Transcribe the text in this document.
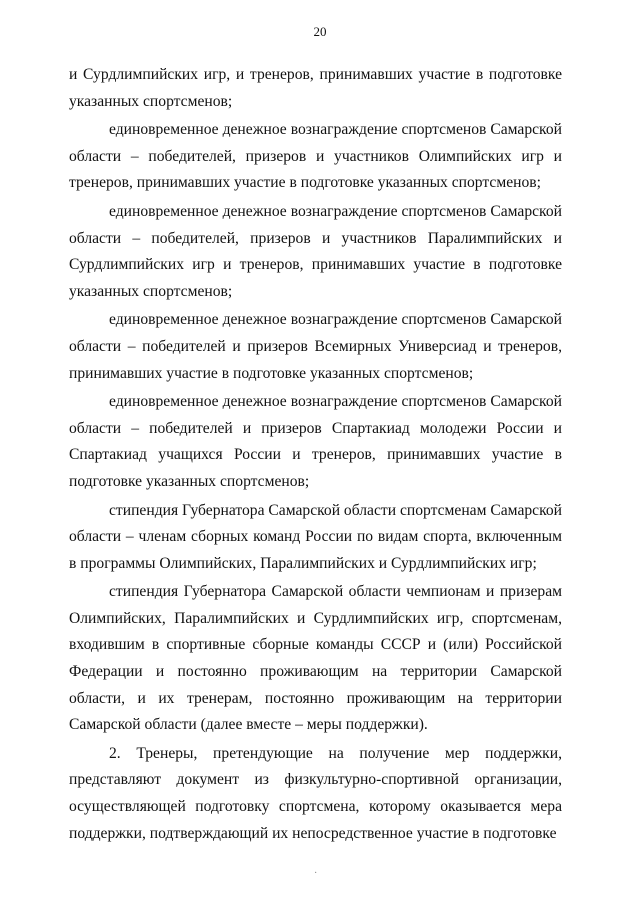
20

и Сурдлимпийских игр, и тренеров, принимавших участие в подготовке указанных спортсменов;

единовременное денежное вознаграждение спортсменов Самарской области – победителей, призеров и участников Олимпийских игр и тренеров, принимавших участие в подготовке указанных спортсменов;

единовременное денежное вознаграждение спортсменов Самарской области – победителей, призеров и участников Паралимпийских и Сурдлимпийских игр и тренеров, принимавших участие в подготовке указанных спортсменов;

единовременное денежное вознаграждение спортсменов Самарской области – победителей и призеров Всемирных Универсиад и тренеров, принимавших участие в подготовке указанных спортсменов;

единовременное денежное вознаграждение спортсменов Самарской области – победителей и призеров Спартакиад молодежи России и Спартакиад учащихся России и тренеров, принимавших участие в подготовке указанных спортсменов;

стипендия Губернатора Самарской области спортсменам Самарской области – членам сборных команд России по видам спорта, включенным в программы Олимпийских, Паралимпийских и Сурдлимпийских игр;

стипендия Губернатора Самарской области чемпионам и призерам Олимпийских, Паралимпийских и Сурдлимпийских игр, спортсменам, входившим в спортивные сборные команды СССР и (или) Российской Федерации и постоянно проживающим на территории Самарской области, и их тренерам, постоянно проживающим на территории Самарской области (далее вместе – меры поддержки).

2. Тренеры, претендующие на получение мер поддержки, представляют документ из физкультурно-спортивной организации, осуществляющей подготовку спортсмена, которому оказывается мера поддержки, подтверждающий их непосредственное участие в подготовке

·
